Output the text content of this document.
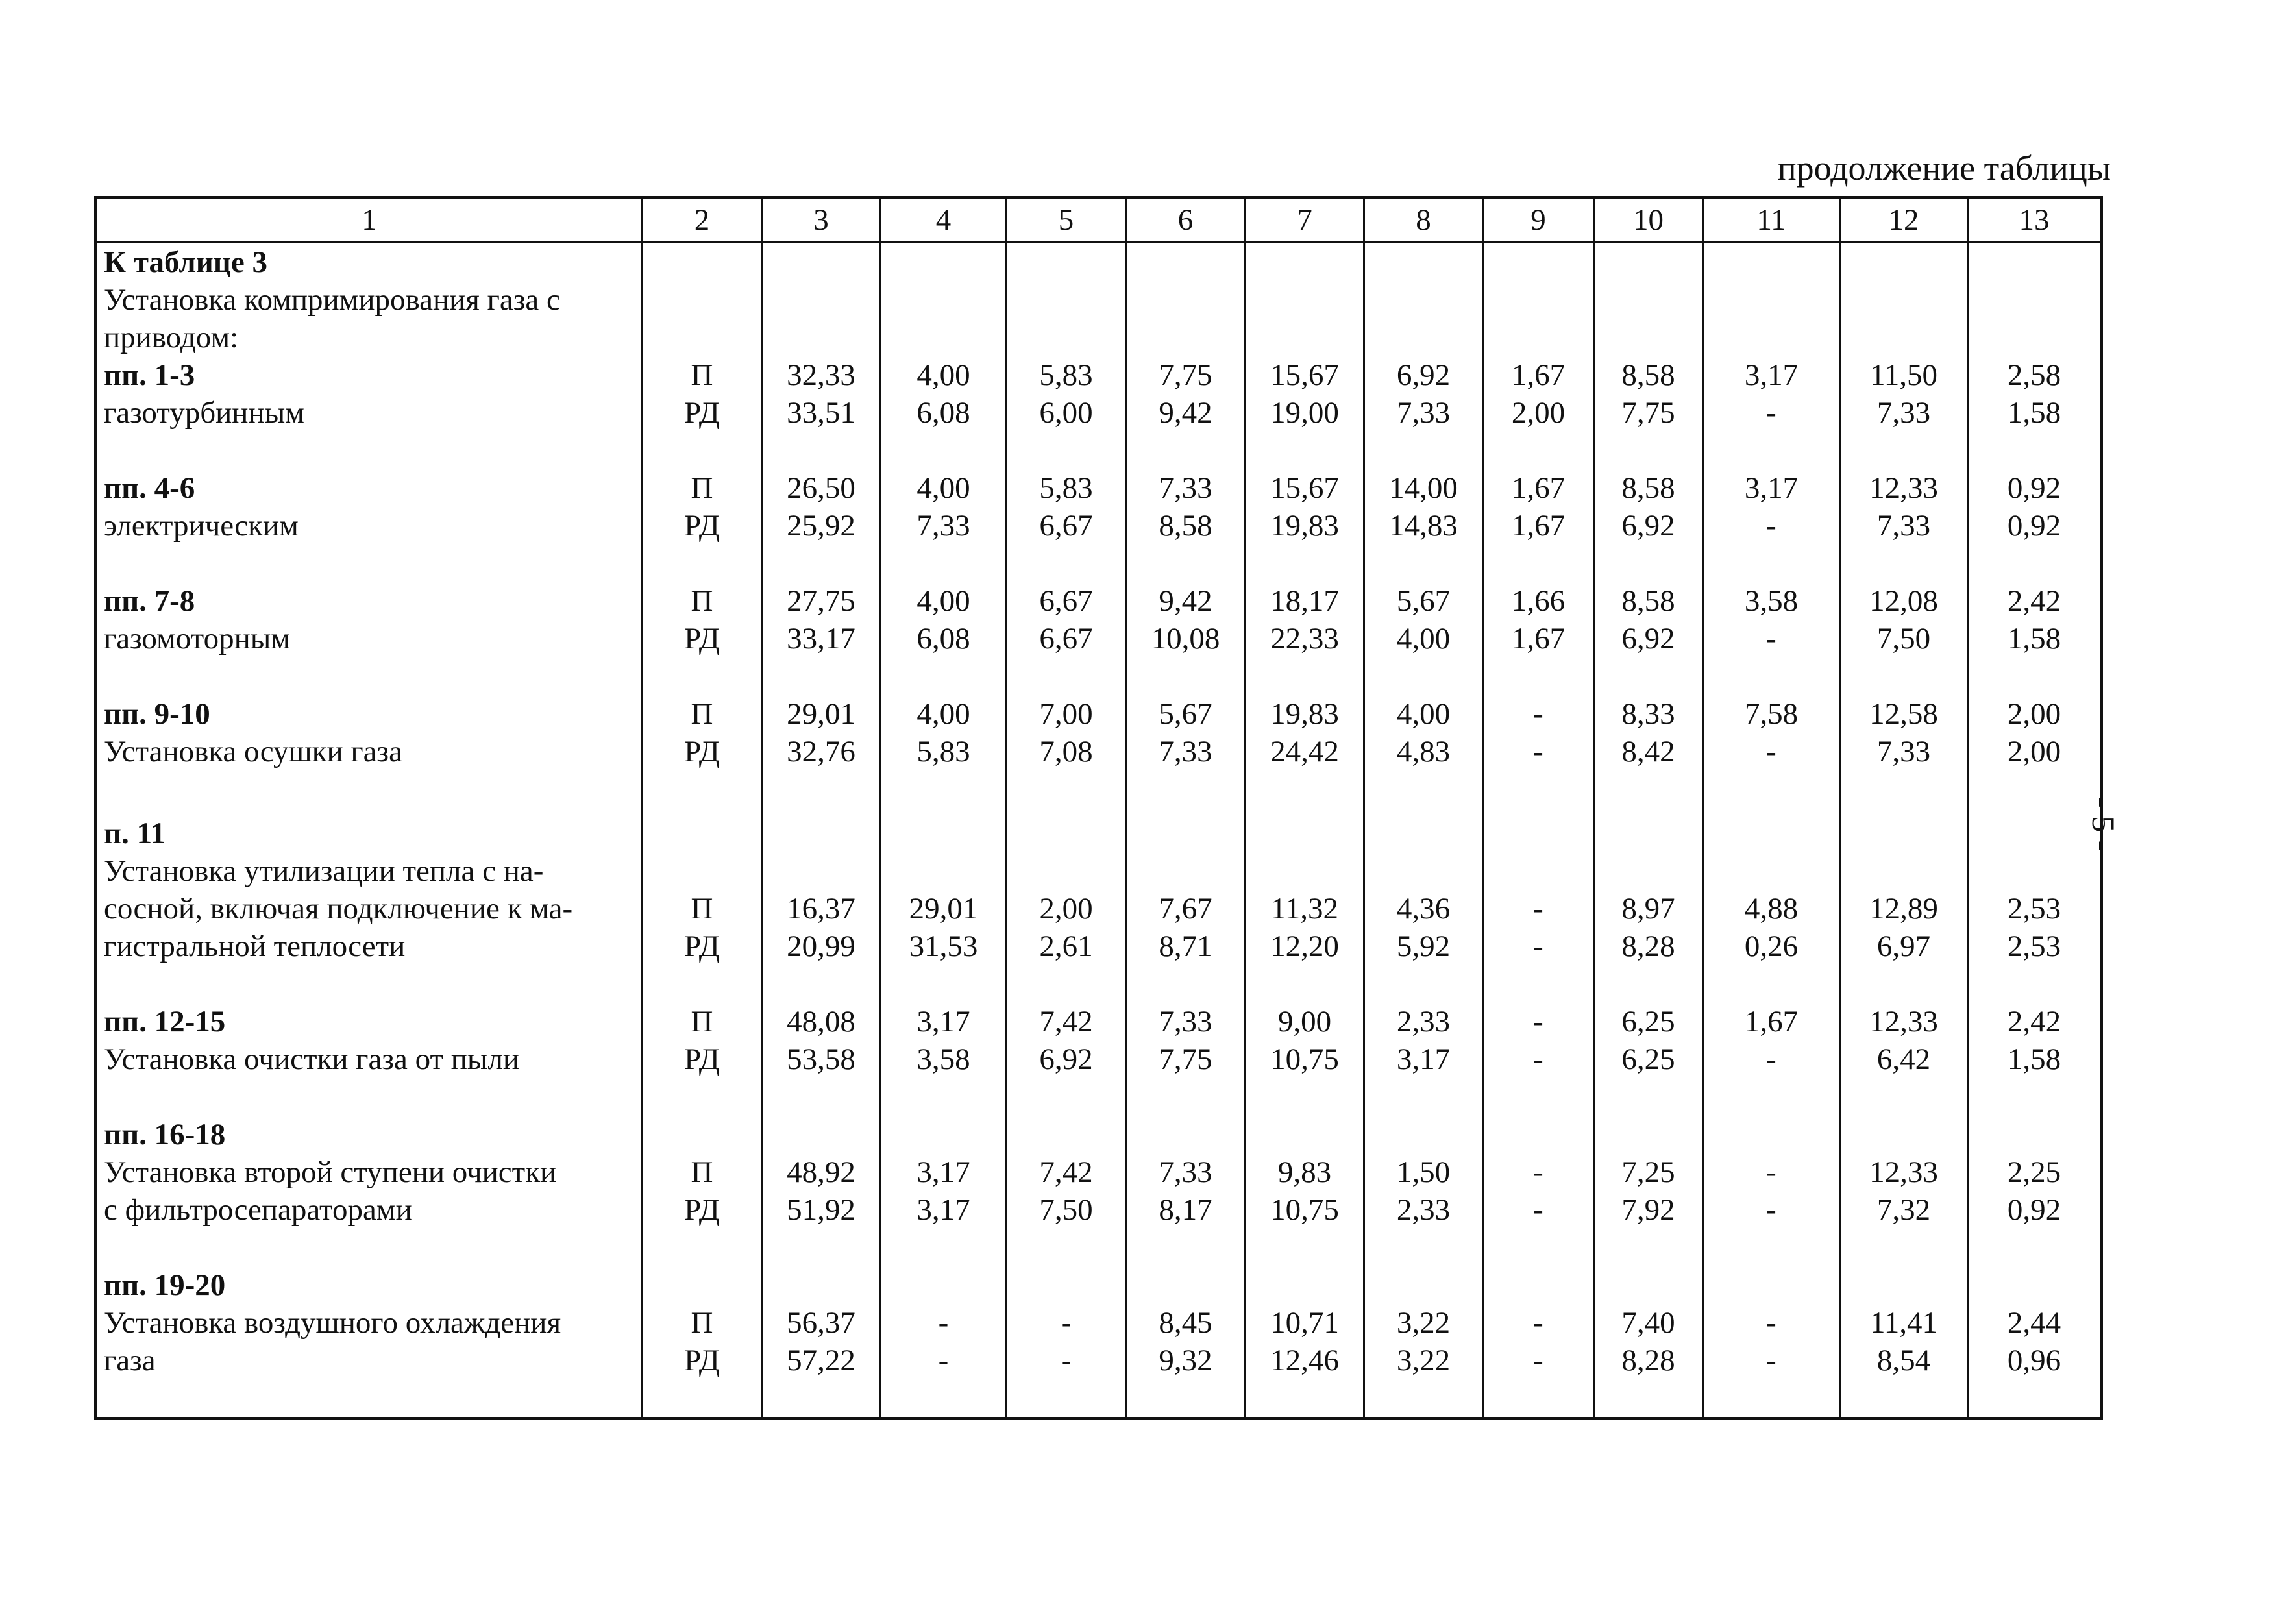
продолжение таблицы
- 5 -
1	2	3	4	5	6	7	8	9	10	11	12	13
К таблице 3												
Установка компримирования газа с												
приводом:												
пп. 1-3	П	32,33	4,00	5,83	7,75	15,67	6,92	1,67	8,58	3,17	11,50	2,58
газотурбинным	РД	33,51	6,08	6,00	9,42	19,00	7,33	2,00	7,75	-	7,33	1,58

пп. 4-6	П	26,50	4,00	5,83	7,33	15,67	14,00	1,67	8,58	3,17	12,33	0,92
электрическим	РД	25,92	7,33	6,67	8,58	19,83	14,83	1,67	6,92	-	7,33	0,92

пп. 7-8	П	27,75	4,00	6,67	9,42	18,17	5,67	1,66	8,58	3,58	12,08	2,42
газомоторным	РД	33,17	6,08	6,67	10,08	22,33	4,00	1,67	6,92	-	7,50	1,58

пп. 9-10	П	29,01	4,00	7,00	5,67	19,83	4,00	-	8,33	7,58	12,58	2,00
Установка осушки газа	РД	32,76	5,83	7,08	7,33	24,42	4,83	-	8,42	-	7,33	2,00

п. 11												
Установка утилизации тепла с на-												
сосной, включая подключение к ма-	П	16,37	29,01	2,00	7,67	11,32	4,36	-	8,97	4,88	12,89	2,53
гистральной теплосети	РД	20,99	31,53	2,61	8,71	12,20	5,92	-	8,28	0,26	6,97	2,53

пп. 12-15	П	48,08	3,17	7,42	7,33	9,00	2,33	-	6,25	1,67	12,33	2,42
Установка очистки газа от пыли	РД	53,58	3,58	6,92	7,75	10,75	3,17	-	6,25	-	6,42	1,58

пп. 16-18												
Установка второй ступени очистки	П	48,92	3,17	7,42	7,33	9,83	1,50	-	7,25	-	12,33	2,25
с фильтросепараторами	РД	51,92	3,17	7,50	8,17	10,75	2,33	-	7,92	-	7,32	0,92

пп. 19-20												
Установка воздушного охлаждения	П	56,37	-	-	8,45	10,71	3,22	-	7,40	-	11,41	2,44
газа	РД	57,22	-	-	9,32	12,46	3,22	-	8,28	-	8,54	0,96
